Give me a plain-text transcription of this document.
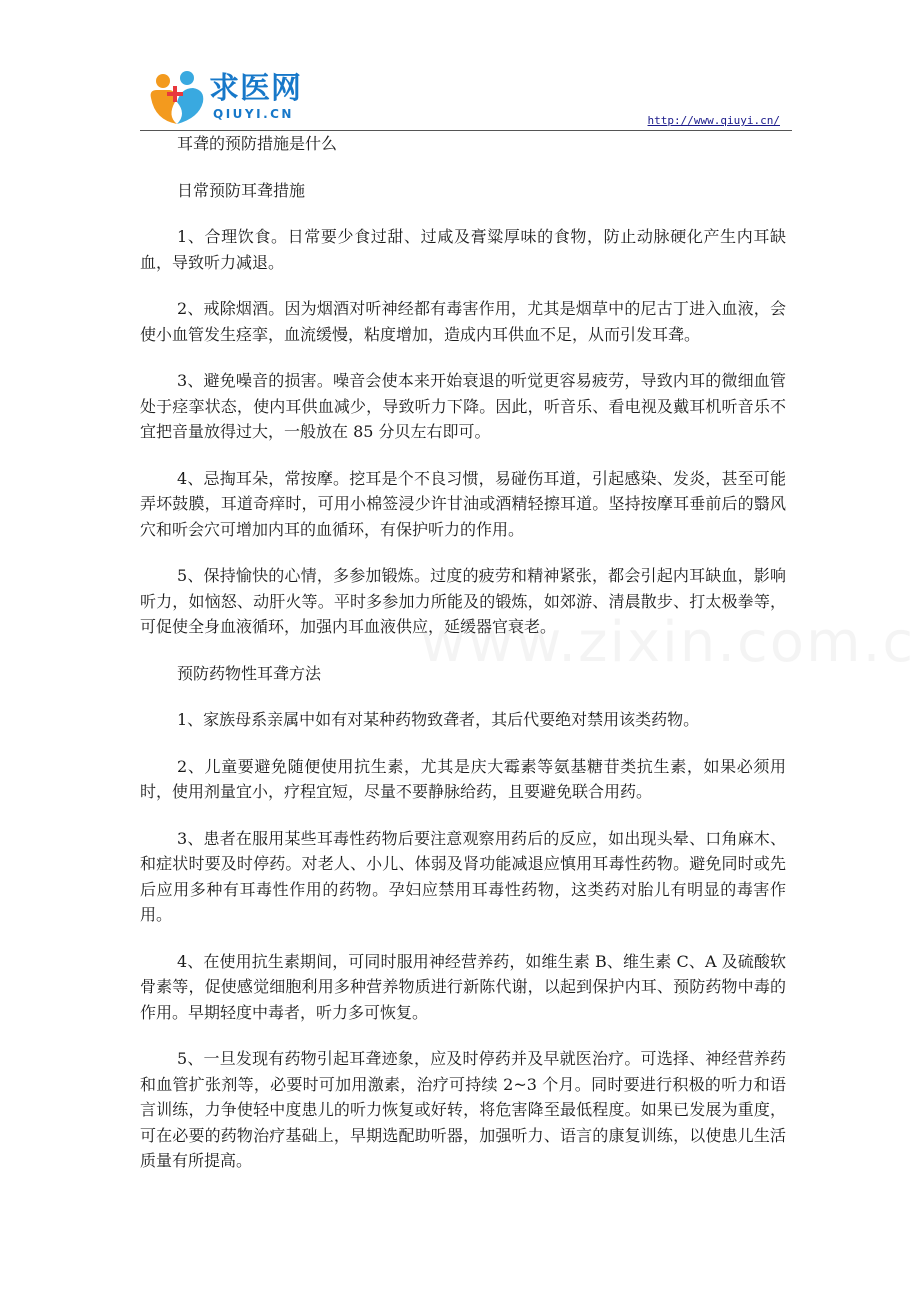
求医网
QIUYI.CN	http://www.qiuyi.cn/

耳聋的预防措施是什么

日常预防耳聋措施

1、合理饮食。日常要少食过甜、过咸及膏粱厚味的食物，防止动脉硬化产生内耳缺血，导致听力减退。

2、戒除烟酒。因为烟酒对听神经都有毒害作用，尤其是烟草中的尼古丁进入血液，会使小血管发生痉挛，血流缓慢，粘度增加，造成内耳供血不足，从而引发耳聋。

3、避免噪音的损害。噪音会使本来开始衰退的听觉更容易疲劳，导致内耳的微细血管处于痉挛状态，使内耳供血减少，导致听力下降。因此，听音乐、看电视及戴耳机听音乐不宜把音量放得过大，一般放在 85 分贝左右即可。

4、忌掏耳朵，常按摩。挖耳是个不良习惯，易碰伤耳道，引起感染、发炎，甚至可能弄坏鼓膜，耳道奇痒时，可用小棉签浸少许甘油或酒精轻擦耳道。坚持按摩耳垂前后的翳风穴和听会穴可增加内耳的血循环，有保护听力的作用。

5、保持愉快的心情，多参加锻炼。过度的疲劳和精神紧张，都会引起内耳缺血，影响听力，如恼怒、动肝火等。平时多参加力所能及的锻炼，如郊游、清晨散步、打太极拳等，可促使全身血液循环，加强内耳血液供应，延缓器官衰老。

预防药物性耳聋方法

1、家族母系亲属中如有对某种药物致聋者，其后代要绝对禁用该类药物。

2、儿童要避免随便使用抗生素，尤其是庆大霉素等氨基糖苷类抗生素，如果必须用时，使用剂量宜小，疗程宜短，尽量不要静脉给药，且要避免联合用药。

3、患者在服用某些耳毒性药物后要注意观察用药后的反应，如出现头晕、口角麻木、和症状时要及时停药。对老人、小儿、体弱及肾功能减退应慎用耳毒性药物。避免同时或先后应用多种有耳毒性作用的药物。孕妇应禁用耳毒性药物，这类药对胎儿有明显的毒害作用。

4、在使用抗生素期间，可同时服用神经营养药，如维生素 B、维生素 C、A 及硫酸软骨素等，促使感觉细胞利用多种营养物质进行新陈代谢，以起到保护内耳、预防药物中毒的作用。早期轻度中毒者，听力多可恢复。

5、一旦发现有药物引起耳聋迹象，应及时停药并及早就医治疗。可选择、神经营养药和血管扩张剂等，必要时可加用激素，治疗可持续 2~3 个月。同时要进行积极的听力和语言训练，力争使轻中度患儿的听力恢复或好转，将危害降至最低程度。如果已发展为重度，可在必要的药物治疗基础上，早期选配助听器，加强听力、语言的康复训练，以使患儿生活质量有所提高。
